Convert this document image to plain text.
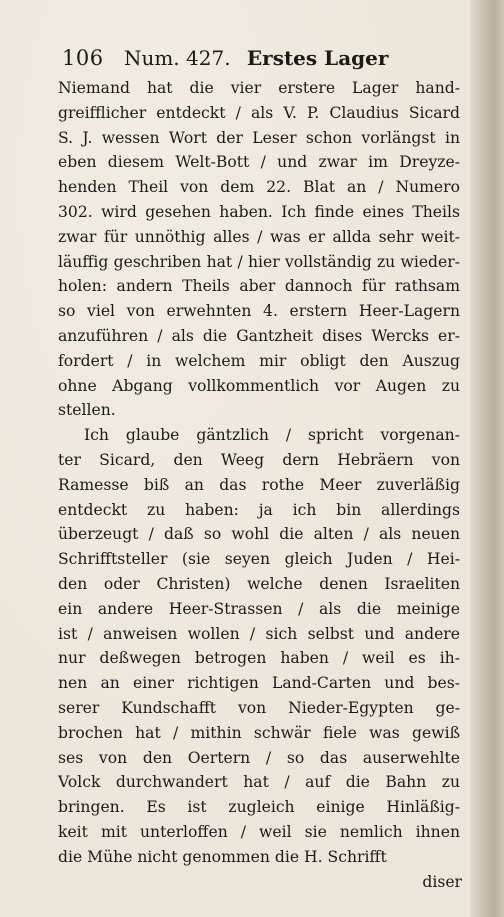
106 Num. 427. Erstes Lager
Niemand hat die vier erstere Lager hand-
greifflicher entdeckt / als V. P. Claudius Sicard
S. J. wessen Wort der Leser schon vorlängst in
eben diesem Welt-Bott / und zwar im Dreyze-
henden Theil von dem 22. Blat an / Numero
302. wird gesehen haben. Ich finde eines Theils
zwar für unnöthig alles / was er allda sehr weit-
läuffig geschriben hat / hier vollständig zu wieder-
holen: andern Theils aber dannoch für rathsam
so viel von erwehnten 4. erstern Heer-Lagern
anzuführen / als die Gantzheit dises Wercks er-
fordert / in welchem mir obligt den Auszug
ohne Abgang vollkommentlich vor Augen zu
stellen.
Ich glaube gäntzlich / spricht vorgenan-
ter Sicard, den Weeg dern Hebräern von
Ramesse biß an das rothe Meer zuverläßig
entdeckt zu haben: ja ich bin allerdings
überzeugt / daß so wohl die alten / als neuen
Schrifftsteller (sie seyen gleich Juden / Hei-
den oder Christen) welche denen Israeliten
ein andere Heer-Strassen / als die meinige
ist / anweisen wollen / sich selbst und andere
nur deßwegen betrogen haben / weil es ih-
nen an einer richtigen Land-Carten und bes-
serer Kundschafft von Nieder-Egypten ge-
brochen hat / mithin schwär fiele was gewiß
ses von den Oertern / so das auserwehlte
Volck durchwandert hat / auf die Bahn zu
bringen. Es ist zugleich einige Hinläßig-
keit mit unterloffen / weil sie nemlich ihnen
die Mühe nicht genommen die H. Schrifft
diser
